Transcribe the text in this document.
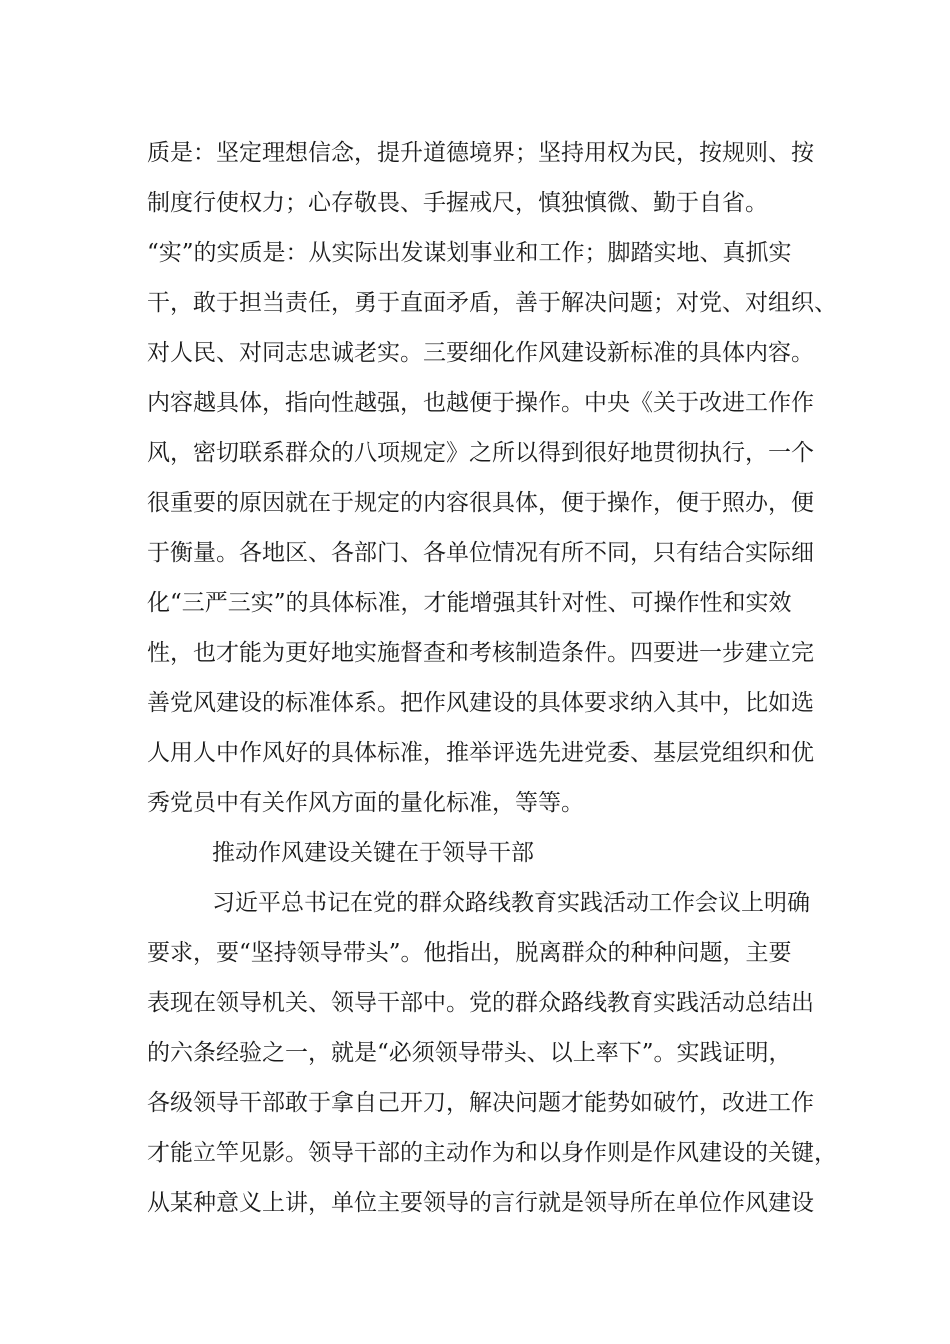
质是：坚定理想信念，提升道德境界；坚持用权为民，按规则、按

制度行使权力；心存敬畏、手握戒尺，慎独慎微、勤于自省。

“实”的实质是：从实际出发谋划事业和工作；脚踏实地、真抓实

干，敢于担当责任，勇于直面矛盾，善于解决问题；对党、对组织、

对人民、对同志忠诚老实。三要细化作风建设新标准的具体内容。

内容越具体，指向性越强，也越便于操作。中央《关于改进工作作

风，密切联系群众的八项规定》之所以得到很好地贯彻执行，一个

很重要的原因就在于规定的内容很具体，便于操作，便于照办，便

于衡量。各地区、各部门、各单位情况有所不同，只有结合实际细

化“三严三实”的具体标准，才能增强其针对性、可操作性和实效

性，也才能为更好地实施督查和考核制造条件。四要进一步建立完

善党风建设的标准体系。把作风建设的具体要求纳入其中，比如选

人用人中作风好的具体标准，推举评选先进党委、基层党组织和优

秀党员中有关作风方面的量化标准，等等。

推动作风建设关键在于领导干部

习近平总书记在党的群众路线教育实践活动工作会议上明确

要求，要“坚持领导带头”。他指出，脱离群众的种种问题，主要

表现在领导机关、领导干部中。党的群众路线教育实践活动总结出

的六条经验之一，就是“必须领导带头、以上率下”。实践证明，

各级领导干部敢于拿自己开刀，解决问题才能势如破竹，改进工作

才能立竿见影。领导干部的主动作为和以身作则是作风建设的关键，

从某种意义上讲，单位主要领导的言行就是领导所在单位作风建设
